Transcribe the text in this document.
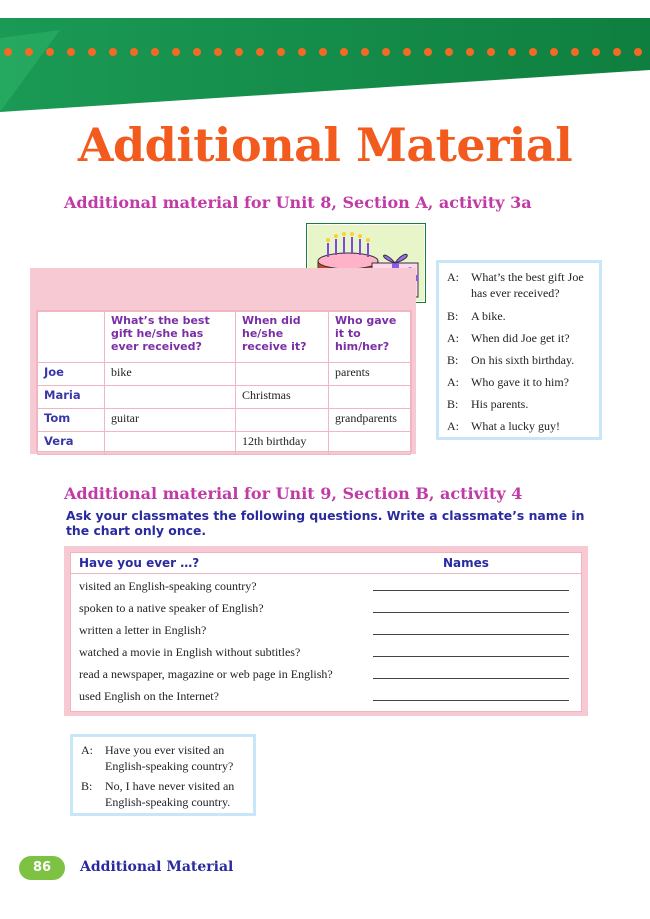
Additional Material
Additional material for Unit 8, Section A, activity 3a
	What’s the best gift he/she has ever received?	When did he/she receive it?	Who gave it to him/her?
Joe	bike		parents
Maria		Christmas	
Tom	guitar		grandparents
Vera		12th birthday	
A:	What’s the best gift Joe has ever received?
B:	A bike.
A:	When did Joe get it?
B:	On his sixth birthday.
A:	Who gave it to him?
B:	His parents.
A:	What a lucky guy!
Additional material for Unit 9, Section B, activity 4
Ask your classmates the following questions. Write a classmate’s name in the chart only once.
Have you ever …?	Names
visited an English-speaking country?
spoken to a native speaker of English?
written a letter in English?
watched a movie in English without subtitles?
read a newspaper, magazine or web page in English?
used English on the Internet?
A:	Have you ever visited an English-speaking country?
B:	No, I have never visited an English-speaking country.
86	Additional Material
